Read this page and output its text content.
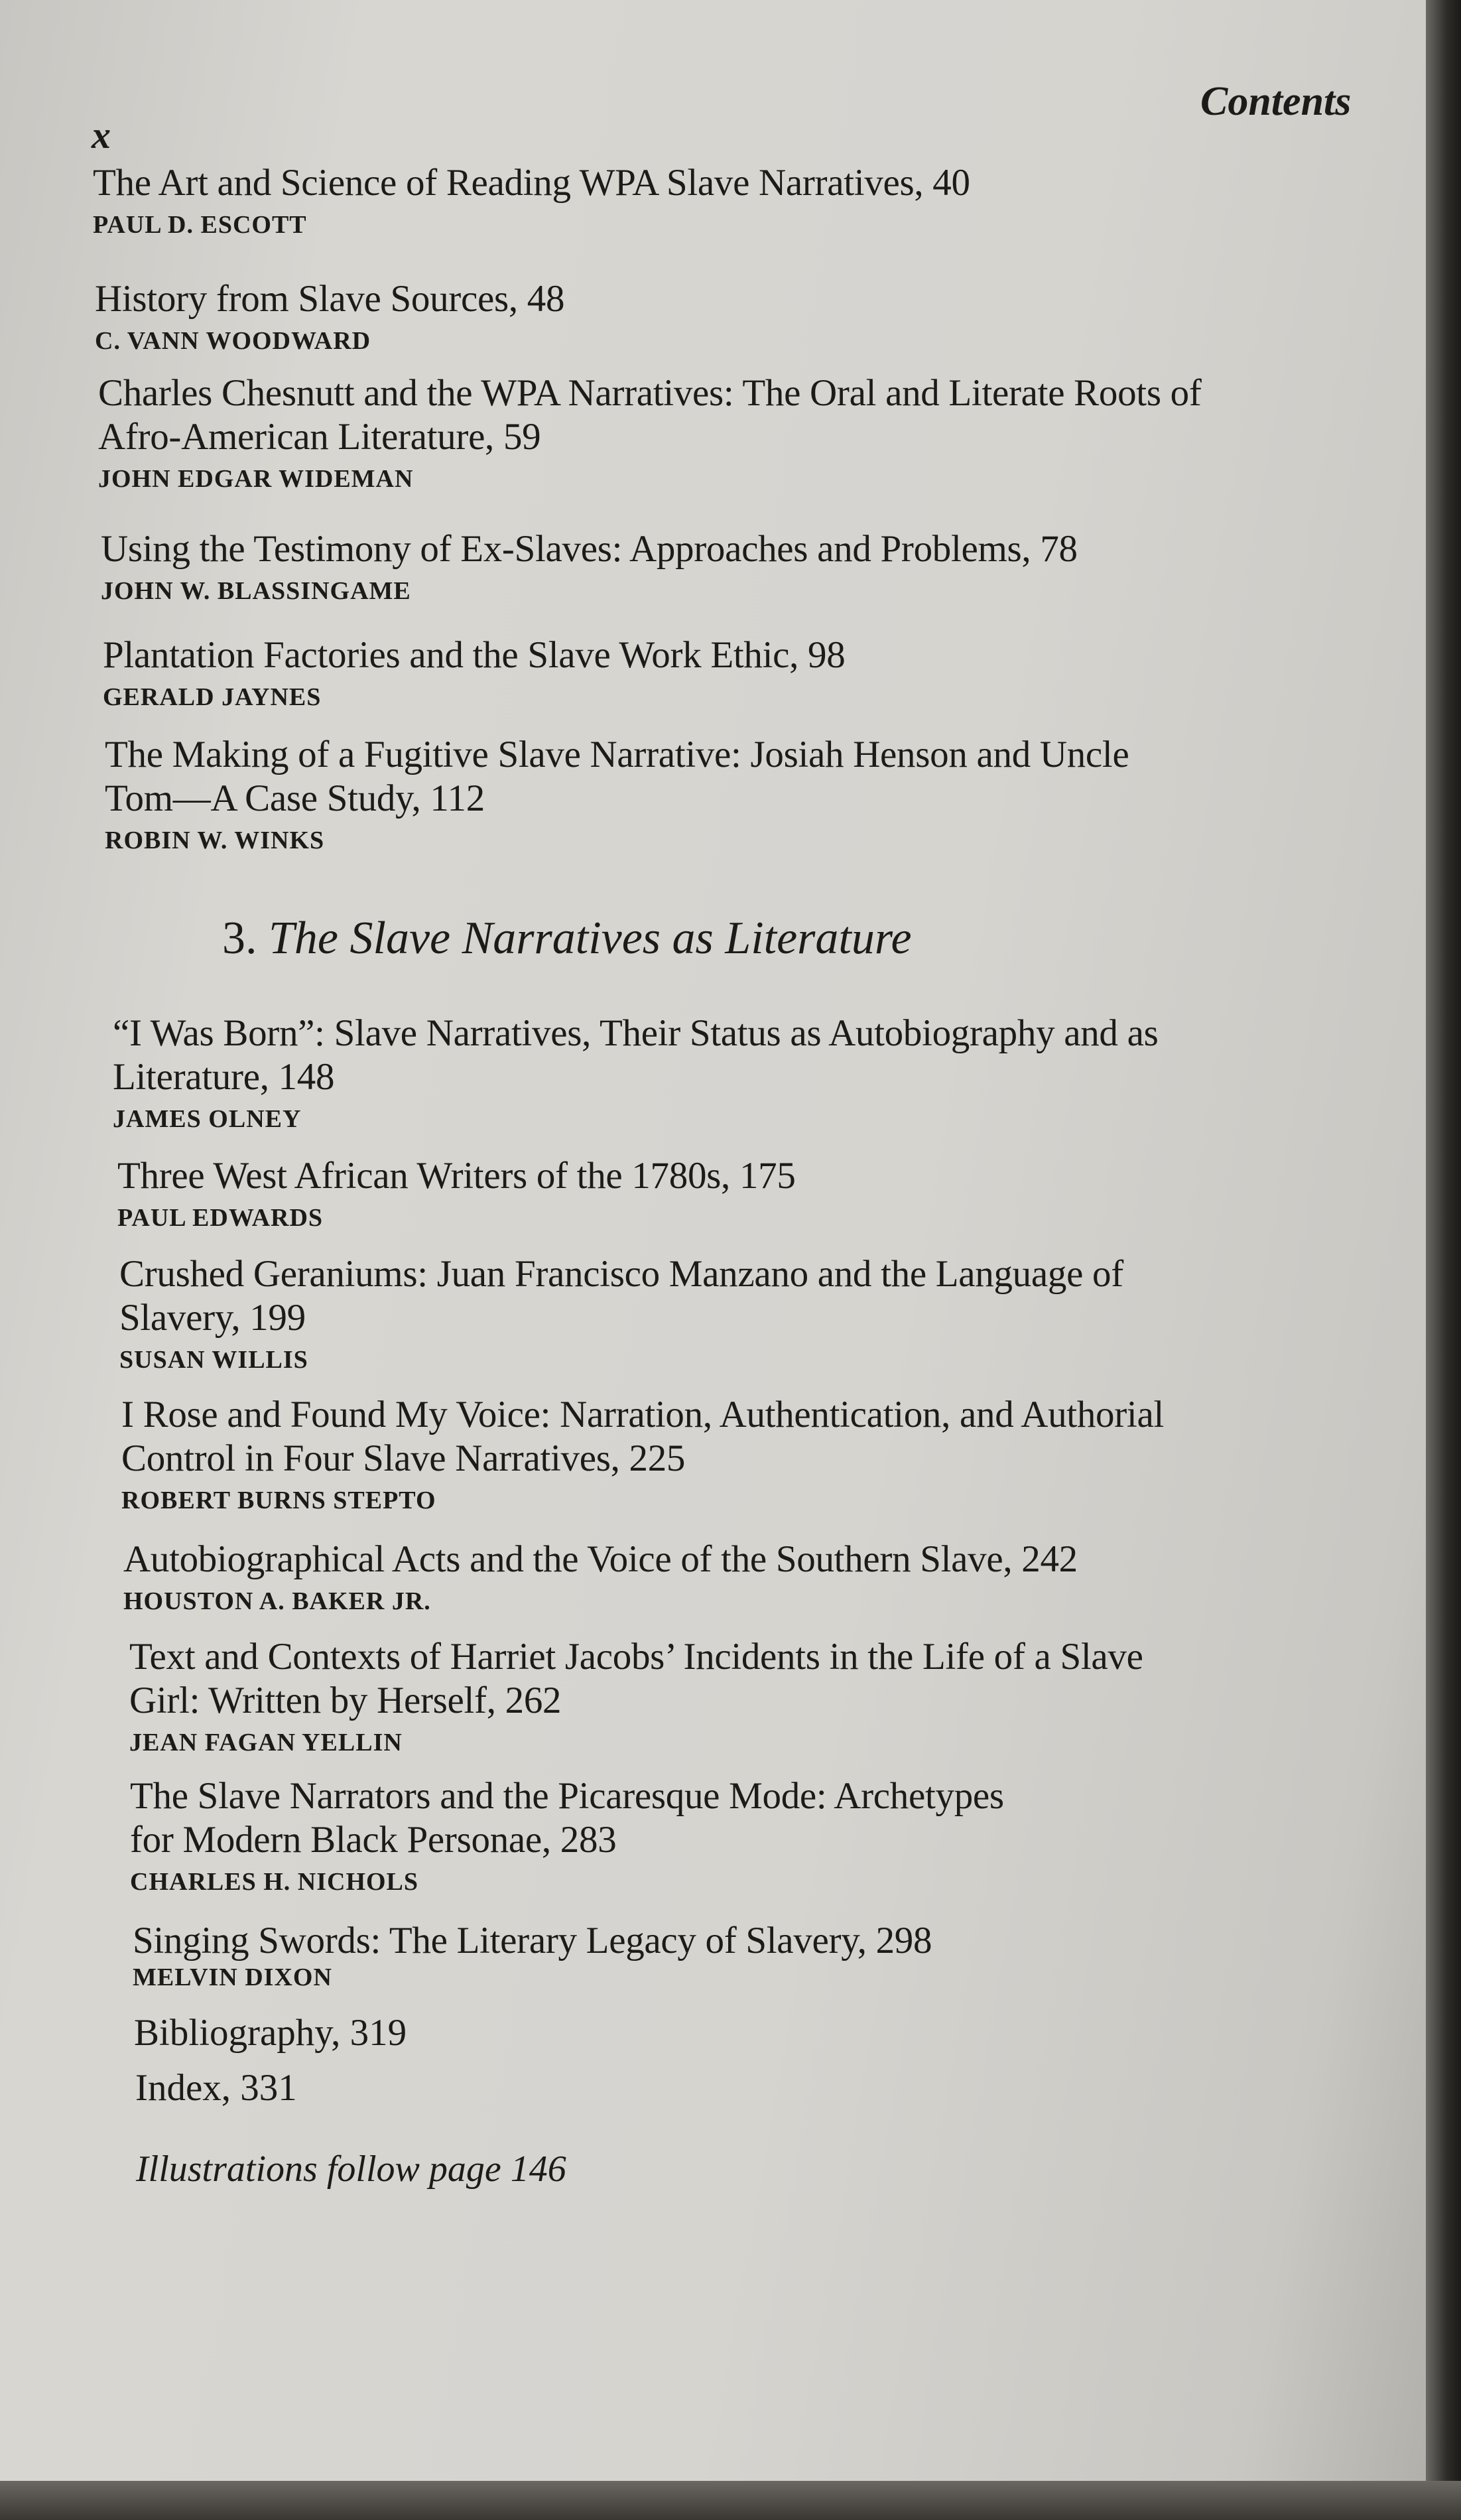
Contents
x
The Art and Science of Reading WPA Slave Narratives, 40
PAUL D. ESCOTT
History from Slave Sources, 48
C. VANN WOODWARD
Charles Chesnutt and the WPA Narratives: The Oral and Literate Roots of Afro-American Literature, 59
JOHN EDGAR WIDEMAN
Using the Testimony of Ex-Slaves: Approaches and Problems, 78
JOHN W. BLASSINGAME
Plantation Factories and the Slave Work Ethic, 98
GERALD JAYNES
The Making of a Fugitive Slave Narrative: Josiah Henson and Uncle Tom—A Case Study, 112
ROBIN W. WINKS
3. The Slave Narratives as Literature
“I Was Born”: Slave Narratives, Their Status as Autobiography and as Literature, 148
JAMES OLNEY
Three West African Writers of the 1780s, 175
PAUL EDWARDS
Crushed Geraniums: Juan Francisco Manzano and the Language of Slavery, 199
SUSAN WILLIS
I Rose and Found My Voice: Narration, Authentication, and Authorial Control in Four Slave Narratives, 225
ROBERT BURNS STEPTO
Autobiographical Acts and the Voice of the Southern Slave, 242
HOUSTON A. BAKER JR.
Text and Contexts of Harriet Jacobs’ Incidents in the Life of a Slave Girl: Written by Herself, 262
JEAN FAGAN YELLIN
The Slave Narrators and the Picaresque Mode: Archetypes for Modern Black Personae, 283
CHARLES H. NICHOLS
Singing Swords: The Literary Legacy of Slavery, 298
MELVIN DIXON
Bibliography, 319
Index, 331
Illustrations follow page 146
